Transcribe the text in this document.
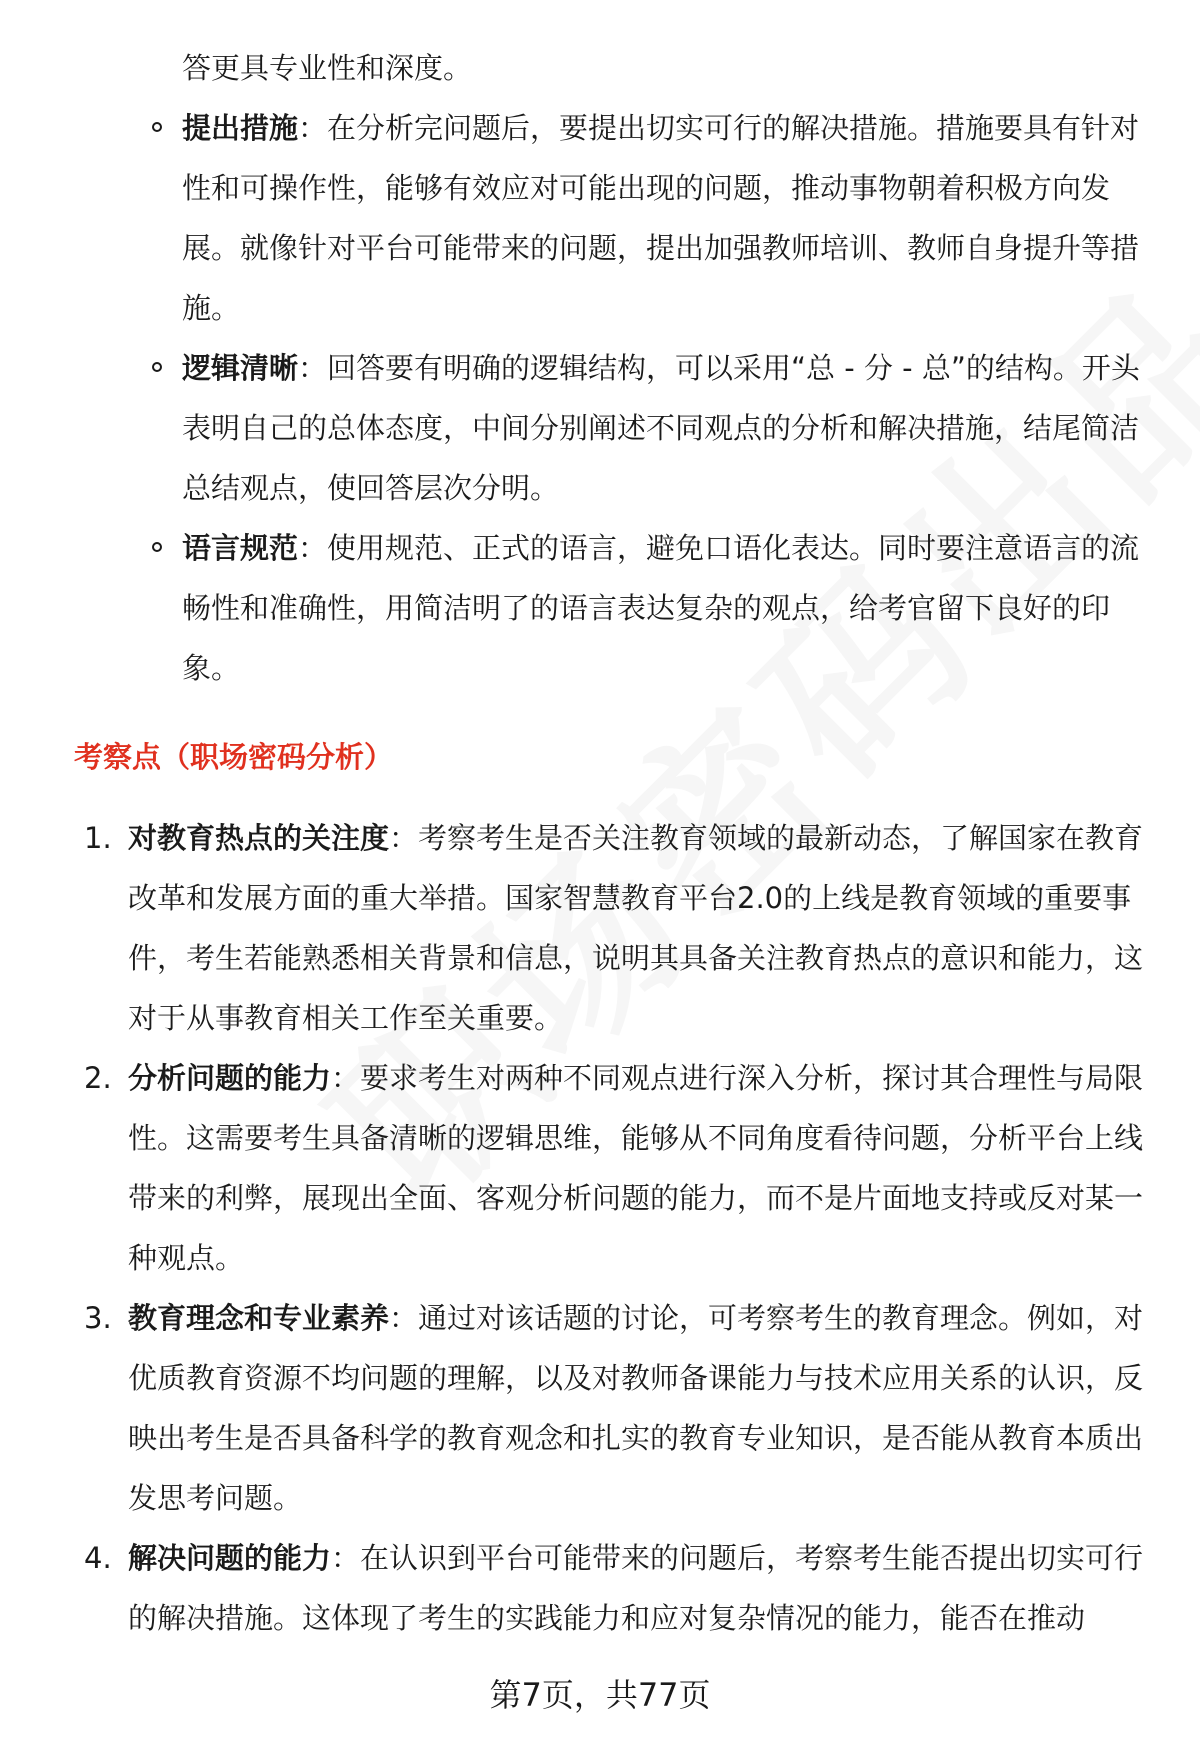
答更具专业性和深度。
提出措施：在分析完问题后，要提出切实可行的解决措施。措施要具有针对性和可操作性，能够有效应对可能出现的问题，推动事物朝着积极方向发展。就像针对平台可能带来的问题，提出加强教师培训、教师自身提升等措施。
逻辑清晰：回答要有明确的逻辑结构，可以采用“总 - 分 - 总”的结构。开头表明自己的总体态度，中间分别阐述不同观点的分析和解决措施，结尾简洁总结观点，使回答层次分明。
语言规范：使用规范、正式的语言，避免口语化表达。同时要注意语言的流畅性和准确性，用简洁明了的语言表达复杂的观点，给考官留下良好的印象。
考察点（职场密码分析）
1. 对教育热点的关注度：考察考生是否关注教育领域的最新动态，了解国家在教育改革和发展方面的重大举措。国家智慧教育平台2.0的上线是教育领域的重要事件，考生若能熟悉相关背景和信息，说明其具备关注教育热点的意识和能力，这对于从事教育相关工作至关重要。
2. 分析问题的能力：要求考生对两种不同观点进行深入分析，探讨其合理性与局限性。这需要考生具备清晰的逻辑思维，能够从不同角度看待问题，分析平台上线带来的利弊，展现出全面、客观分析问题的能力，而不是片面地支持或反对某一种观点。
3. 教育理念和专业素养：通过对该话题的讨论，可考察考生的教育理念。例如，对优质教育资源不均问题的理解，以及对教师备课能力与技术应用关系的认识，反映出考生是否具备科学的教育观念和扎实的教育专业知识，是否能从教育本质出发思考问题。
4. 解决问题的能力：在认识到平台可能带来的问题后，考察考生能否提出切实可行的解决措施。这体现了考生的实践能力和应对复杂情况的能力，能否在推动
第7页，共77页
